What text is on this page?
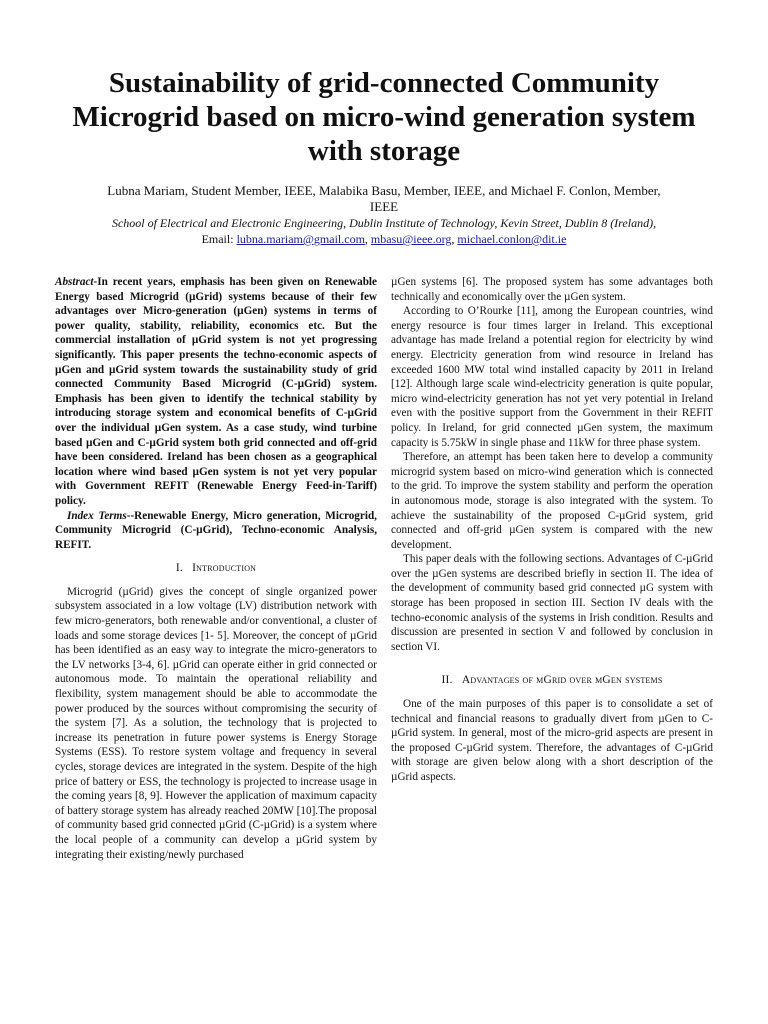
Sustainability of grid-connected Community Microgrid based on micro-wind generation system with storage
Lubna Mariam, Student Member, IEEE, Malabika Basu, Member, IEEE, and Michael F. Conlon, Member, IEEE
School of Electrical and Electronic Engineering, Dublin Institute of Technology, Kevin Street, Dublin 8 (Ireland),
Email: lubna.mariam@gmail.com, mbasu@ieee.org, michael.conlon@dit.ie

Abstract-In recent years, emphasis has been given on Renewable Energy based Microgrid (µGrid) systems because of their few advantages over Micro-generation (µGen) systems in terms of power quality, stability, reliability, economics etc. But the commercial installation of µGrid system is not yet progressing significantly. This paper presents the techno-economic aspects of µGen and µGrid system towards the sustainability study of grid connected Community Based Microgrid (C-µGrid) system. Emphasis has been given to identify the technical stability by introducing storage system and economical benefits of C-µGrid over the individual µGen system. As a case study, wind turbine based µGen and C-µGrid system both grid connected and off-grid have been considered. Ireland has been chosen as a geographical location where wind based µGen system is not yet very popular with Government REFIT (Renewable Energy Feed-in-Tariff) policy.

Index Terms--Renewable Energy, Micro generation, Microgrid, Community Microgrid (C-µGrid), Techno-economic Analysis, REFIT.

I. Introduction

Microgrid (µGrid) gives the concept of single organized power subsystem associated in a low voltage (LV) distribution network with few micro-generators, both renewable and/or conventional, a cluster of loads and some storage devices [1- 5]. Moreover, the concept of µGrid has been identified as an easy way to integrate the micro-generators to the LV networks [3-4, 6]. µGrid can operate either in grid connected or autonomous mode. To maintain the operational reliability and flexibility, system management should be able to accommodate the power produced by the sources without compromising the security of the system [7]. As a solution, the technology that is projected to increase its penetration in future power systems is Energy Storage Systems (ESS). To restore system voltage and frequency in several cycles, storage devices are integrated in the system. Despite of the high price of battery or ESS, the technology is projected to increase usage in the coming years [8, 9]. However the application of maximum capacity of battery storage system has already reached 20MW [10].The proposal of community based grid connected µGrid (C-µGrid) is a system where the local people of a community can develop a µGrid system by integrating their existing/newly purchased

µGen systems [6]. The proposed system has some advantages both technically and economically over the µGen system.

According to O’Rourke [11], among the European countries, wind energy resource is four times larger in Ireland. This exceptional advantage has made Ireland a potential region for electricity by wind energy. Electricity generation from wind resource in Ireland has exceeded 1600 MW total wind installed capacity by 2011 in Ireland [12]. Although large scale wind-electricity generation is quite popular, micro wind-electricity generation has not yet very potential in Ireland even with the positive support from the Government in their REFIT policy. In Ireland, for grid connected µGen system, the maximum capacity is 5.75kW in single phase and 11kW for three phase system.

Therefore, an attempt has been taken here to develop a community microgrid system based on micro-wind generation which is connected to the grid. To improve the system stability and perform the operation in autonomous mode, storage is also integrated with the system. To achieve the sustainability of the proposed C-µGrid system, grid connected and off-grid µGen system is compared with the new development.

This paper deals with the following sections. Advantages of C-µGrid over the µGen systems are described briefly in section II. The idea of the development of community based grid connected µG system with storage has been proposed in section III. Section IV deals with the techno-economic analysis of the systems in Irish condition. Results and discussion are presented in section V and followed by conclusion in section VI.

II. Advantages of µGrid over µGen systems

One of the main purposes of this paper is to consolidate a set of technical and financial reasons to gradually divert from µGen to C-µGrid system. In general, most of the micro-grid aspects are present in the proposed C-µGrid system. Therefore, the advantages of C-µGrid with storage are given below along with a short description of the µGrid aspects.
